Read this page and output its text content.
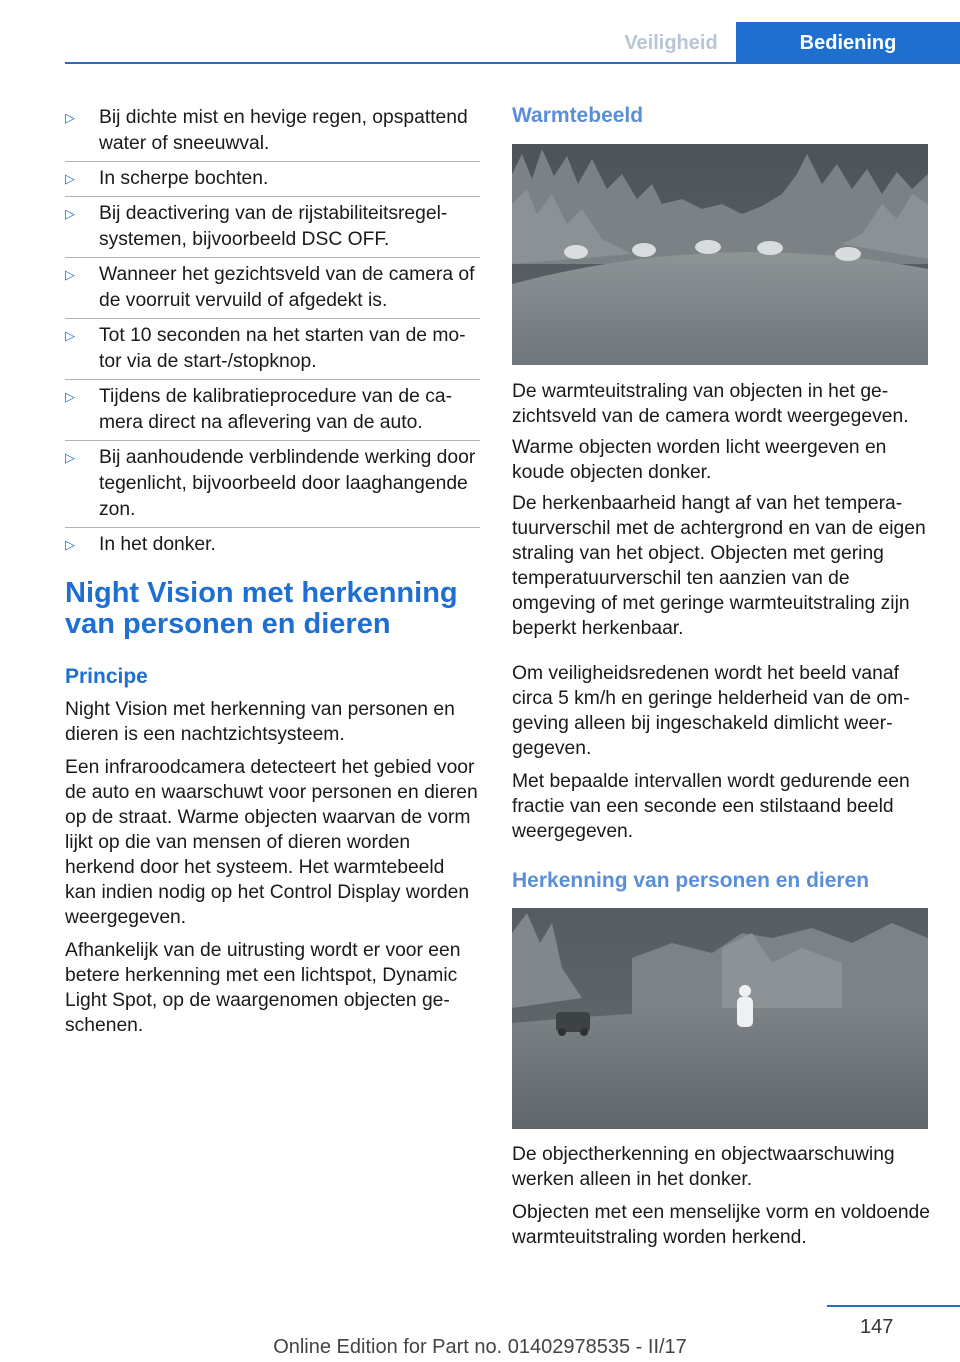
Veiligheid	Bediening
▷ Bij dichte mist en hevige regen, opspattend water of sneeuwval.
▷ In scherpe bochten.
▷ Bij deactivering van de rijstabiliteitsregelsystemen, bijvoorbeeld DSC OFF.
▷ Wanneer het gezichtsveld van de camera of de voorruit vervuild of afgedekt is.
▷ Tot 10 seconden na het starten van de motor via de start-/stopknop.
▷ Tijdens de kalibratieprocedure van de camera direct na aflevering van de auto.
▷ Bij aanhoudende verblindende werking door tegenlicht, bijvoorbeeld door laaghangende zon.
▷ In het donker.
Night Vision met herkenning van personen en dieren
Principe

Night Vision met herkenning van personen en dieren is een nachtzichtsysteem.

Een infraroodcamera detecteert het gebied voor de auto en waarschuwt voor personen en dieren op de straat. Warme objecten waarvan de vorm lijkt op die van mensen of dieren worden herkend door het systeem. Het warmtebeeld kan indien nodig op het Control Display worden weergegeven.

Afhankelijk van de uitrusting wordt er voor een betere herkenning met een lichtspot, Dynamic Light Spot, op de waargenomen objecten geschenen.

Warmtebeeld

De warmteuitstraling van objecten in het gezichtsveld van de camera wordt weergegeven.

Warme objecten worden licht weergeven en koude objecten donker.

De herkenbaarheid hangt af van het temperatuurverschil met de achtergrond en van de eigen straling van het object. Objecten met gering temperatuurverschil ten aanzien van de omgeving of met geringe warmteuitstraling zijn beperkt herkenbaar.

Om veiligheidsredenen wordt het beeld vanaf circa 5 km/h en geringe helderheid van de omgeving alleen bij ingeschakeld dimlicht weergegeven.

Met bepaalde intervallen wordt gedurende een fractie van een seconde een stilstaand beeld weergegeven.

Herkenning van personen en dieren

De objectherkenning en objectwaarschuwing werken alleen in het donker.

Objecten met een menselijke vorm en voldoende warmteuitstraling worden herkend.

147
Online Edition for Part no. 01402978535 - II/17
